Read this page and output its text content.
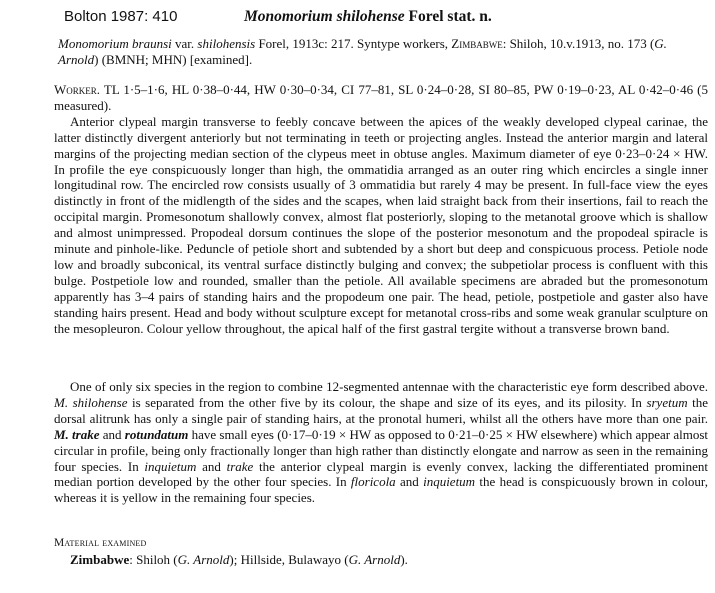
Bolton 1987: 410	Monomorium shilohense Forel stat. n.
Monomorium braunsi var. shilohensis Forel, 1913c: 217. Syntype workers, Zimbabwe: Shiloh, 10.v.1913, no. 173 (G. Arnold) (BMNH; MHN) [examined].

Worker. TL 1·5–1·6, HL 0·38–0·44, HW 0·30–0·34, CI 77–81, SL 0·24–0·28, SI 80–85, PW 0·19–0·23, AL 0·42–0·46 (5 measured).

Anterior clypeal margin transverse to feebly concave between the apices of the weakly developed clypeal carinae, the latter distinctly divergent anteriorly but not terminating in teeth or projecting angles. Instead the anterior margin and lateral margins of the projecting median section of the clypeus meet in obtuse angles. Maximum diameter of eye 0·23–0·24 × HW. In profile the eye conspicuously longer than high, the ommatidia arranged as an outer ring which encircles a single inner longitudinal row. The encircled row consists usually of 3 ommatidia but rarely 4 may be present. In full-face view the eyes distinctly in front of the midlength of the sides and the scapes, when laid straight back from their insertions, fail to reach the occipital margin. Promesonotum shallowly convex, almost flat posteriorly, sloping to the metanotal groove which is shallow and almost unimpressed. Propodeal dorsum continues the slope of the posterior mesonotum and the propodeal spiracle is minute and pinhole-like. Peduncle of petiole short and subtended by a short but deep and conspicuous process. Petiole node low and broadly subconical, its ventral surface distinctly bulging and convex; the subpetiolar process is confluent with this bulge. Postpetiole low and rounded, smaller than the petiole. All available specimens are abraded but the promesonotum apparently has 3–4 pairs of standing hairs and the propodeum one pair. The head, petiole, postpetiole and gaster also have standing hairs present. Head and body without sculpture except for metanotal cross-ribs and some weak granular sculpture on the mesopleuron. Colour yellow throughout, the apical half of the first gastral tergite without a transverse brown band.

One of only six species in the region to combine 12-segmented antennae with the characteristic eye form described above. M. shilohense is separated from the other five by its colour, the shape and size of its eyes, and its pilosity. In sryetum the dorsal alitrunk has only a single pair of standing hairs, at the pronotal humeri, whilst all the others have more than one pair. M. trake and rotundatum have small eyes (0·17–0·19 × HW as opposed to 0·21–0·25 × HW elsewhere) which appear almost circular in profile, being only fractionally longer than high rather than distinctly elongate and narrow as seen in the remaining four species. In inquietum and trake the anterior clypeal margin is evenly convex, lacking the differentiated prominent median portion developed by the other four species. In floricola and inquietum the head is conspicuously brown in colour, whereas it is yellow in the remaining four species.

Material examined
Zimbabwe: Shiloh (G. Arnold); Hillside, Bulawayo (G. Arnold).
